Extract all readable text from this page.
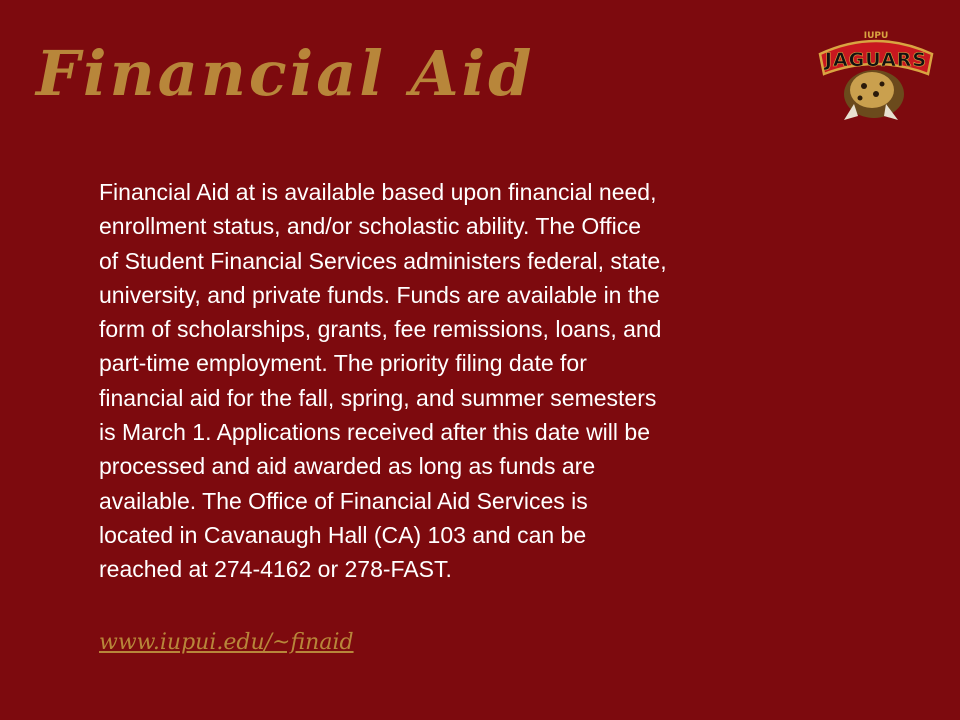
Financial Aid	JAGUARS
IUPU
Financial Aid at is available based upon financial need,
enrollment status, and/or scholastic ability. The Office
of Student Financial Services administers federal, state,
university, and private funds. Funds are available in the
form of scholarships, grants, fee remissions, loans, and
part-time employment. The priority filing date for
financial aid for the fall, spring, and summer semesters
is March 1. Applications received after this date will be
processed and aid awarded as long as funds are
available. The Office of Financial Aid Services is
located in Cavanaugh Hall (CA) 103 and can be
reached at 274-4162 or 278-FAST.
www.iupui.edu/~finaid
